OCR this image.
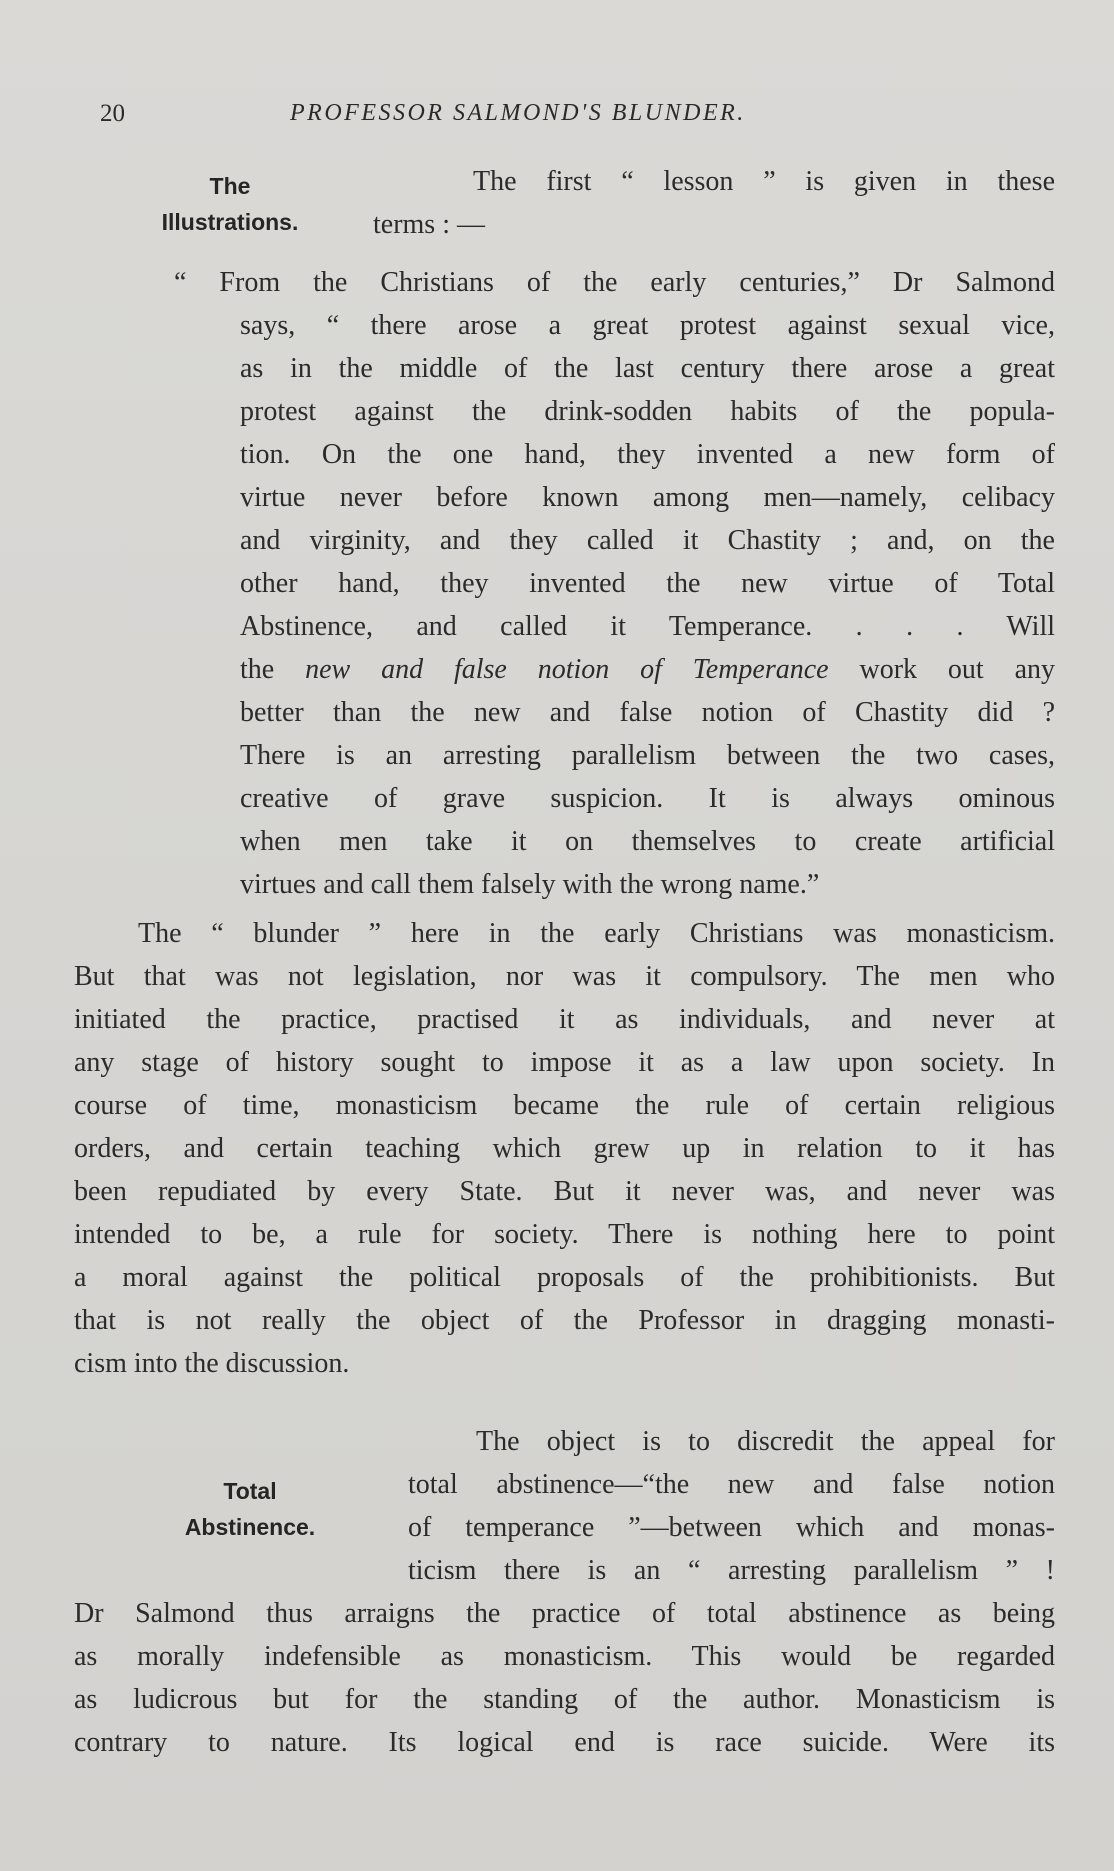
20	PROFESSOR SALMOND'S BLUNDER.
The
Illustrations.
The first “ lesson ” is given in these
terms : —
“ From the Christians of the early centuries,” Dr Salmond
says, “ there arose a great protest against sexual vice,
as in the middle of the last century there arose a great
protest against the drink-sodden habits of the popula-
tion. On the one hand, they invented a new form of
virtue never before known among men—namely, celibacy
and virginity, and they called it Chastity ; and, on the
other hand, they invented the new virtue of Total
Abstinence, and called it Temperance. . . . Will
the new and false notion of Temperance work out any
better than the new and false notion of Chastity did ?
There is an arresting parallelism between the two cases,
creative of grave suspicion. It is always ominous
when men take it on themselves to create artificial
virtues and call them falsely with the wrong name.”
The “ blunder ” here in the early Christians was monasticism.
But that was not legislation, nor was it compulsory. The men who
initiated the practice, practised it as individuals, and never at
any stage of history sought to impose it as a law upon society. In
course of time, monasticism became the rule of certain religious
orders, and certain teaching which grew up in relation to it has
been repudiated by every State. But it never was, and never was
intended to be, a rule for society. There is nothing here to point
a moral against the political proposals of the prohibitionists. But
that is not really the object of the Professor in dragging monasti-
cism into the discussion.
Total
Abstinence.
The object is to discredit the appeal for
total abstinence—“the new and false notion
of temperance ”—between which and monas-
ticism there is an “ arresting parallelism ” !
Dr Salmond thus arraigns the practice of total abstinence as being
as morally indefensible as monasticism. This would be regarded
as ludicrous but for the standing of the author. Monasticism is
contrary to nature. Its logical end is race suicide. Were its
